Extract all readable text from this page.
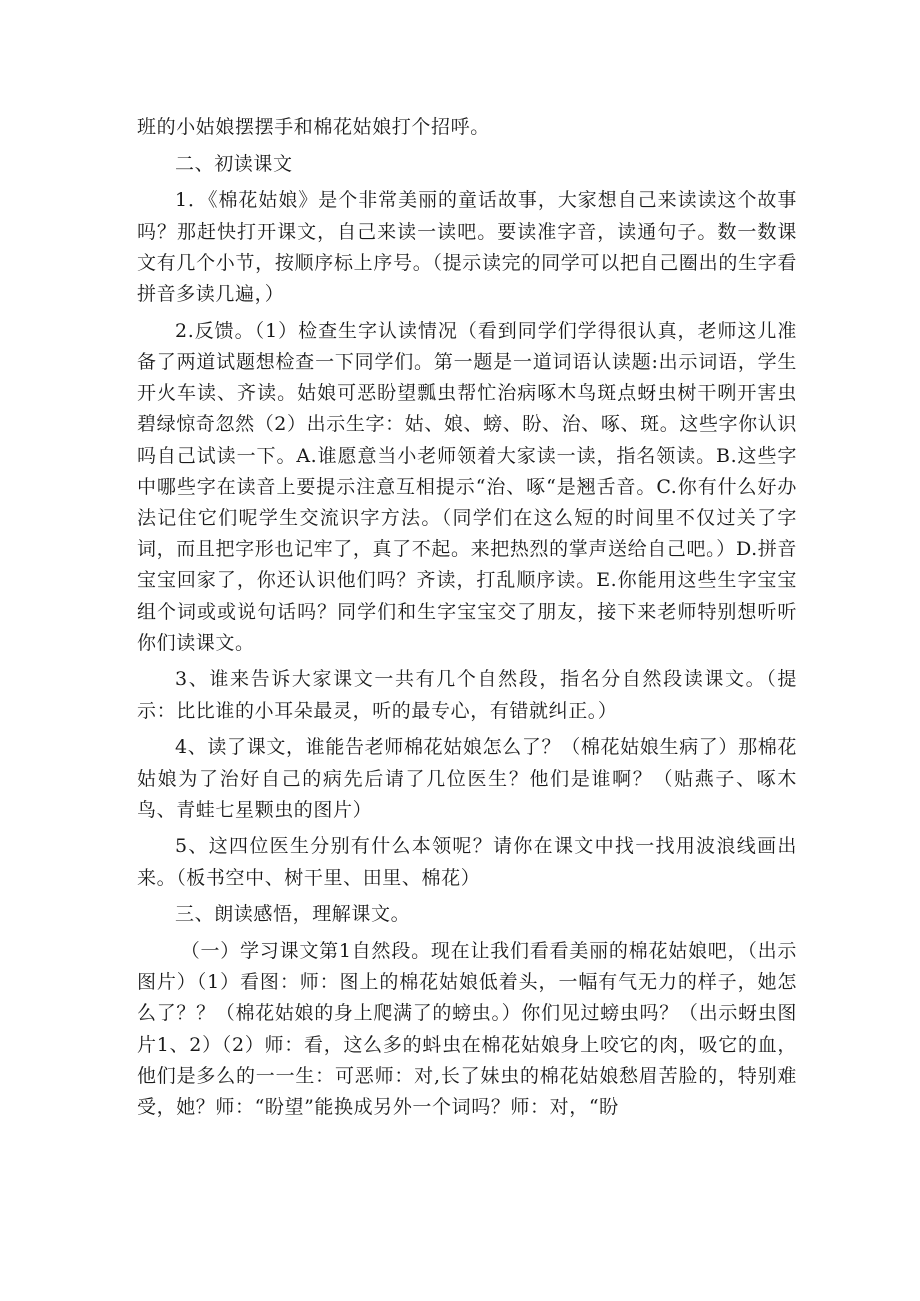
班的小姑娘摆摆手和棉花姑娘打个招呼。

二、初读课文

1．《棉花姑娘》是个非常美丽的童话故事，大家想自己来读读这个故事吗？那赶快打开课文，自己来读一读吧。要读准字音，读通句子。数一数课文有几个小节，按顺序标上序号。（提示读完的同学可以把自己圈出的生字看拼音多读几遍，）

2.反馈。（1）检查生字认读情况（看到同学们学得很认真，老师这儿准备了两道试题想检查一下同学们。第一题是一道词语认读题:出示词语，学生开火车读、齐读。姑娘可恶盼望瓢虫帮忙治病啄木鸟斑点蚜虫树干咧开害虫碧绿惊奇忽然（2）出示生字：姑、娘、螃、盼、治、啄、斑。这些字你认识吗自己试读一下。A.谁愿意当小老师领着大家读一读，指名领读。B.这些字中哪些字在读音上要提示注意互相提示“治、啄“是翘舌音。C.你有什么好办法记住它们呢学生交流识字方法。（同学们在这么短的时间里不仅过关了字词，而且把字形也记牢了，真了不起。来把热烈的掌声送给自己吧。）D.拼音宝宝回家了，你还认识他们吗？齐读，打乱顺序读。E.你能用这些生字宝宝组个词或或说句话吗？同学们和生字宝宝交了朋友，接下来老师特别想听听你们读课文。

3、谁来告诉大家课文一共有几个自然段，指名分自然段读课文。（提示：比比谁的小耳朵最灵，听的最专心，有错就纠正。）

4、读了课文，谁能告老师棉花姑娘怎么了？（棉花姑娘生病了）那棉花姑娘为了治好自己的病先后请了几位医生？他们是谁啊？（贴燕子、啄木鸟、青蛙七星颗虫的图片）

5、这四位医生分别有什么本领呢？请你在课文中找一找用波浪线画出来。（板书空中、树干里、田里、棉花）

三、朗读感悟，理解课文。

（一）学习课文第1自然段。现在让我们看看美丽的棉花姑娘吧，（出示图片）（1）看图：师：图上的棉花姑娘低着头，一幅有气无力的样子，她怎么了？？（棉花姑娘的身上爬满了的螃虫。）你们见过螃虫吗？（出示蚜虫图片1、2）（2）师：看，这么多的蚪虫在棉花姑娘身上咬它的肉，吸它的血，他们是多么的一一生：可恶师：对,长了妹虫的棉花姑娘愁眉苦脸的，特别难受，她？师：“盼望”能换成另外一个词吗？师：对，“盼
